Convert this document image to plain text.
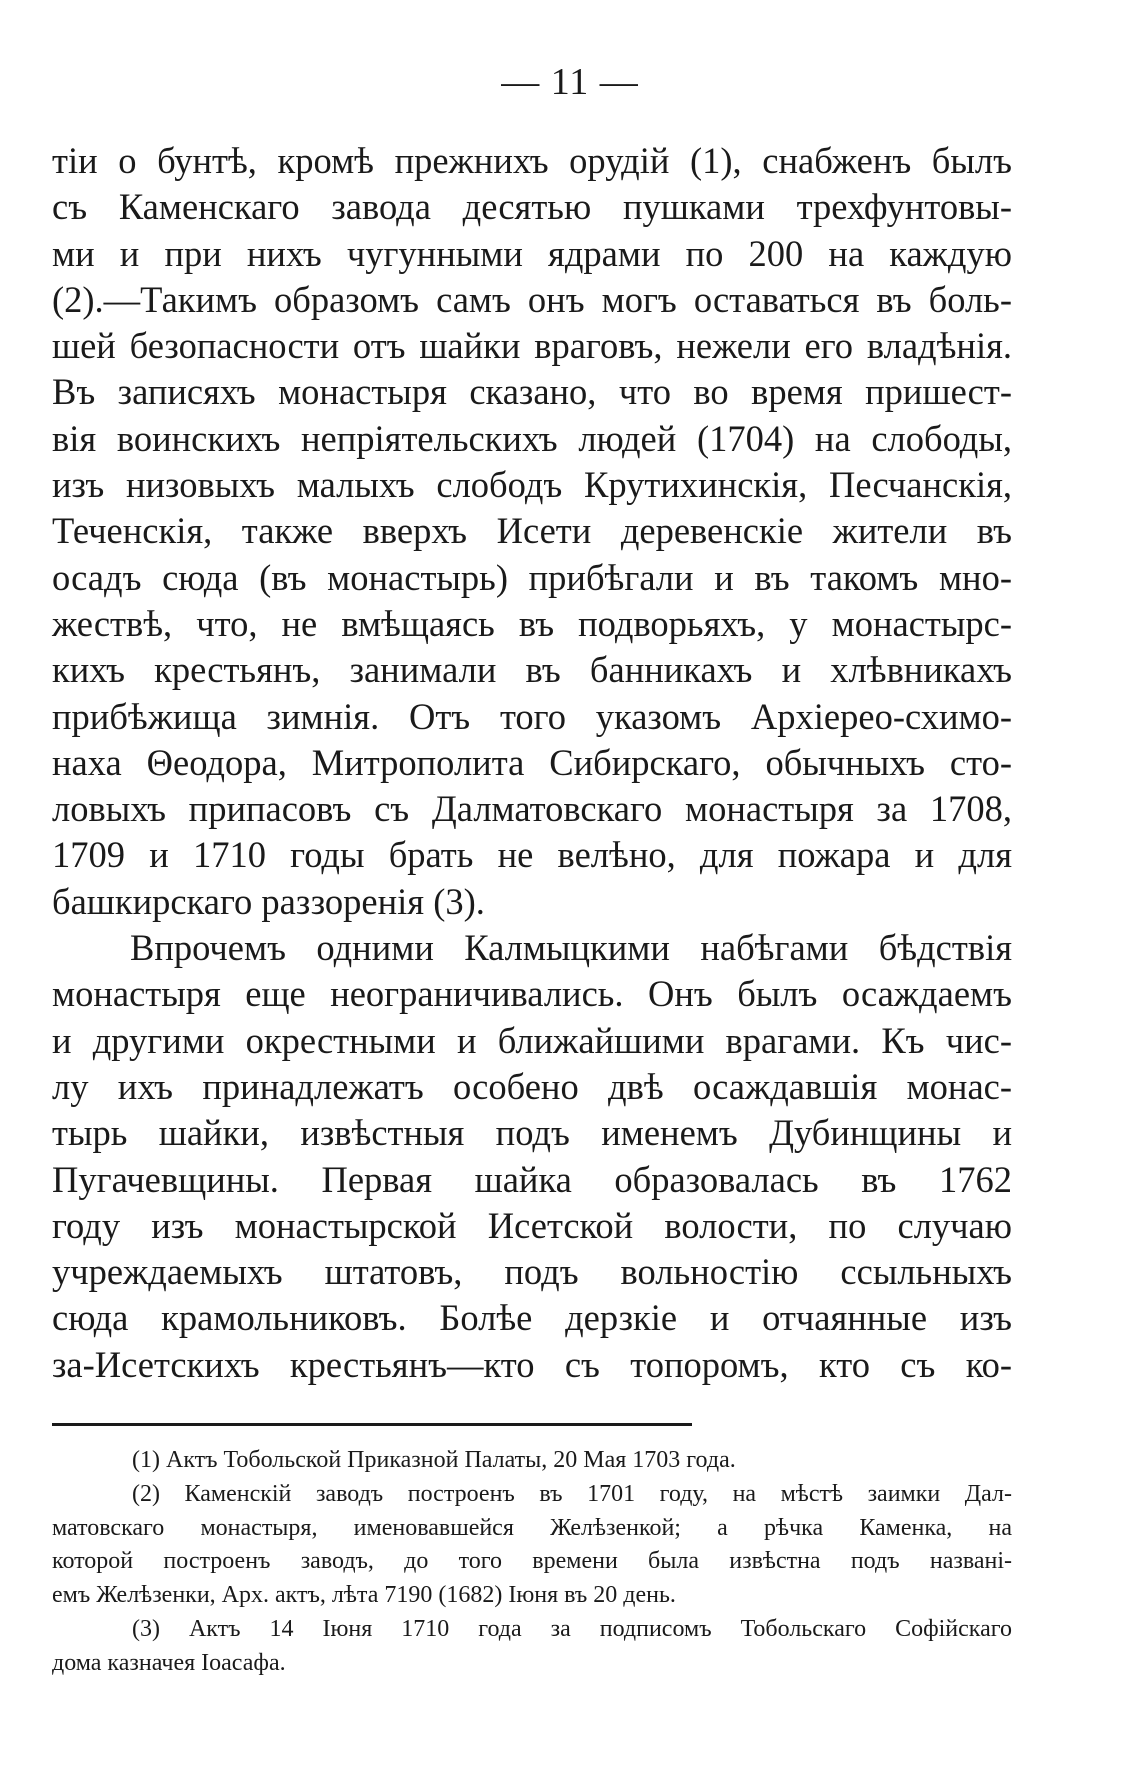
— 11 —
тіи о бунтѣ, кромѣ прежнихъ орудій (1), снабженъ былъ
съ Каменскаго завода десятью пушками трехфунтовы-
ми и при нихъ чугунными ядрами по 200 на каждую
(2).—Такимъ образомъ самъ онъ могъ оставаться въ боль-
шей безопасности отъ шайки враговъ, нежели его владѣнія.
Въ записяхъ монастыря сказано, что во время пришест-
вія воинскихъ непріятельскихъ людей (1704) на слободы,
изъ низовыхъ малыхъ слободъ Крутихинскія, Песчанскія,
Теченскія, также вверхъ Исети деревенскіе жители въ
осадъ сюда (въ монастырь) прибѣгали и въ такомъ мно-
жествѣ, что, не вмѣщаясь въ подворьяхъ, у монастырс-
кихъ крестьянъ, занимали въ банникахъ и хлѣвникахъ
прибѣжища зимнія. Отъ того указомъ Архіерео-схимо-
наха Θеодора, Митрополита Сибирскаго, обычныхъ сто-
ловыхъ припасовъ съ Далматовскаго монастыря за 1708,
1709 и 1710 годы брать не велѣно, для пожара и для
башкирскаго раззоренія (3).
Впрочемъ одними Калмыцкими набѣгами бѣдствія
монастыря еще неограничивались. Онъ былъ осаждаемъ
и другими окрестными и ближайшими врагами. Къ чис-
лу ихъ принадлежатъ особено двѣ осаждавшія монас-
тырь шайки, извѣстныя подъ именемъ Дубинщины и
Пугачевщины. Первая шайка образовалась въ 1762
году изъ монастырской Исетской волости, по случаю
учреждаемыхъ штатовъ, подъ вольностію ссыльныхъ
сюда крамольниковъ. Болѣе дерзкіе и отчаянные изъ
за-Исетскихъ крестьянъ—кто съ топоромъ, кто съ ко-
(1) Актъ Тобольской Приказной Палаты, 20 Мая 1703 года.
(2) Каменскій заводъ построенъ въ 1701 году, на мѣстѣ заимки Дал-
матовскаго монастыря, именовавшейся Желѣзенкой; а рѣчка Каменка, на
которой построенъ заводъ, до того времени была извѣстна подъ названі-
емъ Желѣзенки, Арх. актъ, лѣта 7190 (1682) Іюня въ 20 день.
(3) Актъ 14 Іюня 1710 года за подписомъ Тобольскаго Софійскаго
дома казначея Іоасафа.
